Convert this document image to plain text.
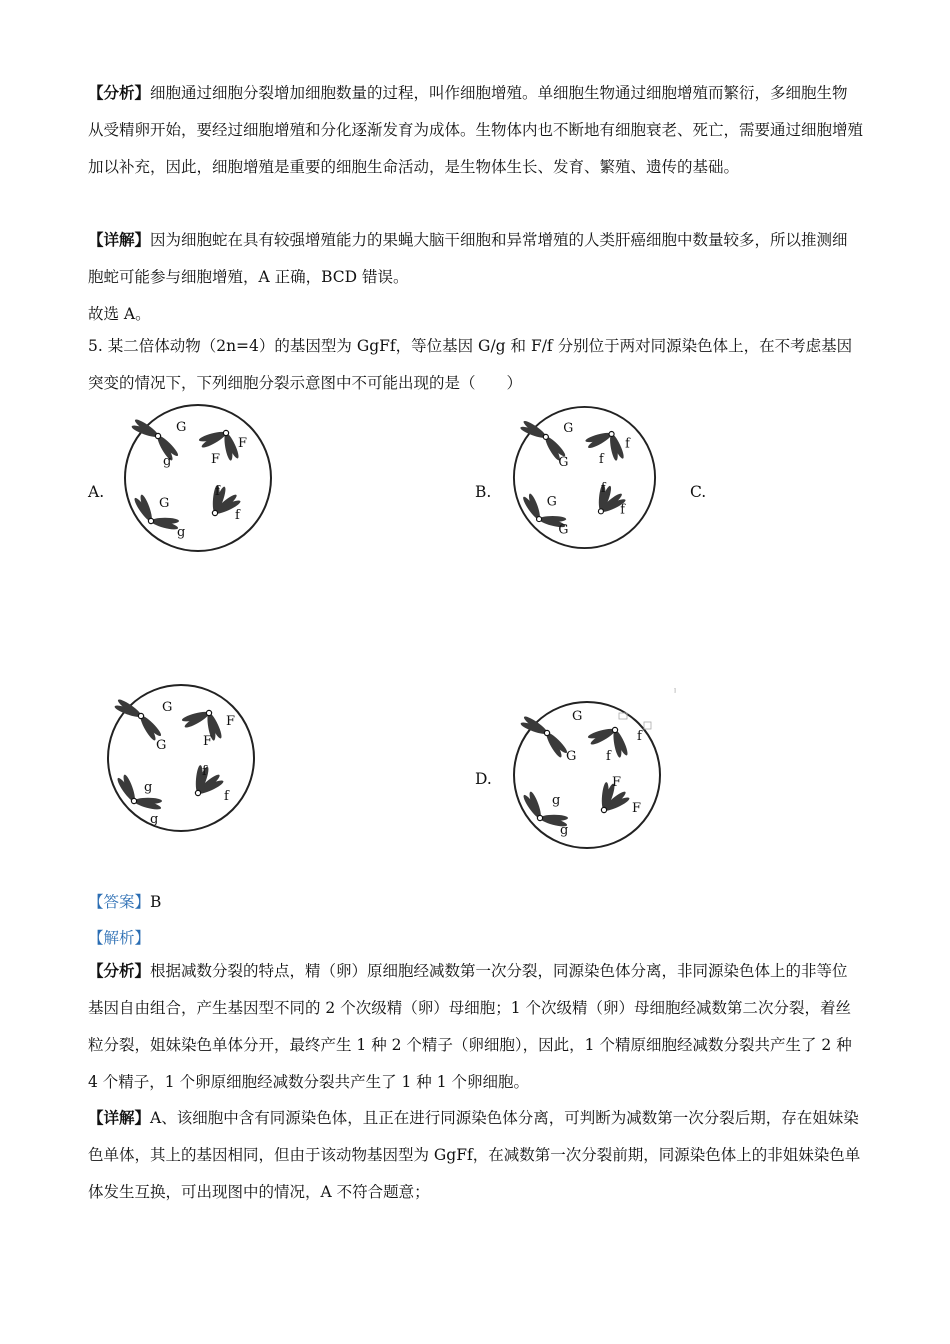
【分析】细胞通过细胞分裂增加细胞数量的过程，叫作细胞增殖。单细胞生物通过细胞增殖而繁衍，多细胞生物从受精卵开始，要经过细胞增殖和分化逐渐发育为成体。生物体内也不断地有细胞衰老、死亡，需要通过细胞增殖加以补充，因此，细胞增殖是重要的细胞生命活动，是生物体生长、发育、繁殖、遗传的基础。
【详解】因为细胞蛇在具有较强增殖能力的果蝇大脑干细胞和异常增殖的人类肝癌细胞中数量较多，所以推测细胞蛇可能参与细胞增殖，A 正确，BCD 错误。
故选 A。
5. 某二倍体动物（2n=4）的基因型为 GgFf，等位基因 G/g 和 F/f 分别位于两对同源染色体上，在不考虑基因突变的情况下，下列细胞分裂示意图中不可能出现的是（　　）
A.	B.	C.
D.
G
g
F
F
G
g
f
f
G
G
f
f
G
G
f
f
G
G
F
F
g
g
f
f
G
G
f
f
g
g
F
F
ˡ
【答案】B
【解析】
【分析】根据减数分裂的特点，精（卵）原细胞经减数第一次分裂，同源染色体分离，非同源染色体上的非等位基因自由组合，产生基因型不同的 2 个次级精（卵）母细胞；1 个次级精（卵）母细胞经减数第二次分裂，着丝粒分裂，姐妹染色单体分开，最终产生 1 种 2 个精子（卵细胞），因此，1 个精原细胞经减数分裂共产生了 2 种 4 个精子，1 个卵原细胞经减数分裂共产生了 1 种 1 个卵细胞。
【详解】A、该细胞中含有同源染色体，且正在进行同源染色体分离，可判断为减数第一次分裂后期，存在姐妹染色单体，其上的基因相同，但由于该动物基因型为 GgFf，在减数第一次分裂前期，同源染色体上的非姐妹染色单体发生互换，可出现图中的情况，A 不符合题意；
